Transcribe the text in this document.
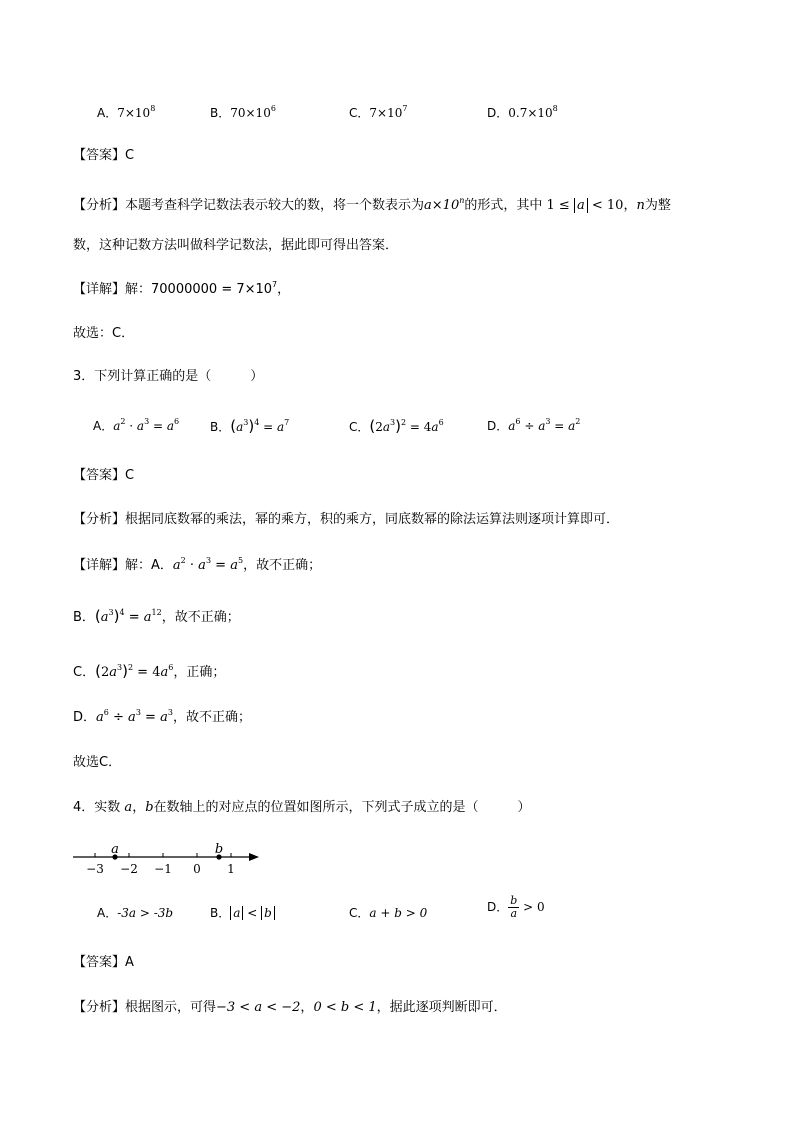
A．$7\times 10^8$	B．$70\times 10^6$	C．$7\times 10^7$	D．$0.7\times 10^8$
【答案】C
【分析】本题考查科学记数法表示较大的数，将一个数表示为$a\times 10^n$的形式，其中 1 ≤ a < 10，n为整
数，这种记数方法叫做科学记数法，据此即可得出答案．
【详解】解：$70000000 = 7\times 10^7$，
故选：C．
3．下列计算正确的是（　　　）
A．$a^2 \cdot a^3 = a^6$	B．$(a^3)^4 = a^7$	C．$(2a^3)^2 = 4a^6$	D．$a^6 \div a^3 = a^2$
【答案】C
【分析】根据同底数幂的乘法，幂的乘方，积的乘方，同底数幂的除法运算法则逐项计算即可．
【详解】解：A．$a^2 \cdot a^3 = a^5$，故不正确；
B．$(a^3)^4 = a^{12}$，故不正确；
C．$(2a^3)^2 = 4a^6$，正确；
D．$a^6 \div a^3 = a^3$，故不正确；
故选C．
4．实数 a，b在数轴上的对应点的位置如图所示，下列式子成立的是（　　　）
a	b
−3 −2 −1 0 1
A．-3a > -3b	B． a < b	C．a + b > 0	D． $\frac{b}{a} > 0$
【答案】A
【分析】根据图示，可得−3 < a < −2，0 < b < 1，据此逐项判断即可．
